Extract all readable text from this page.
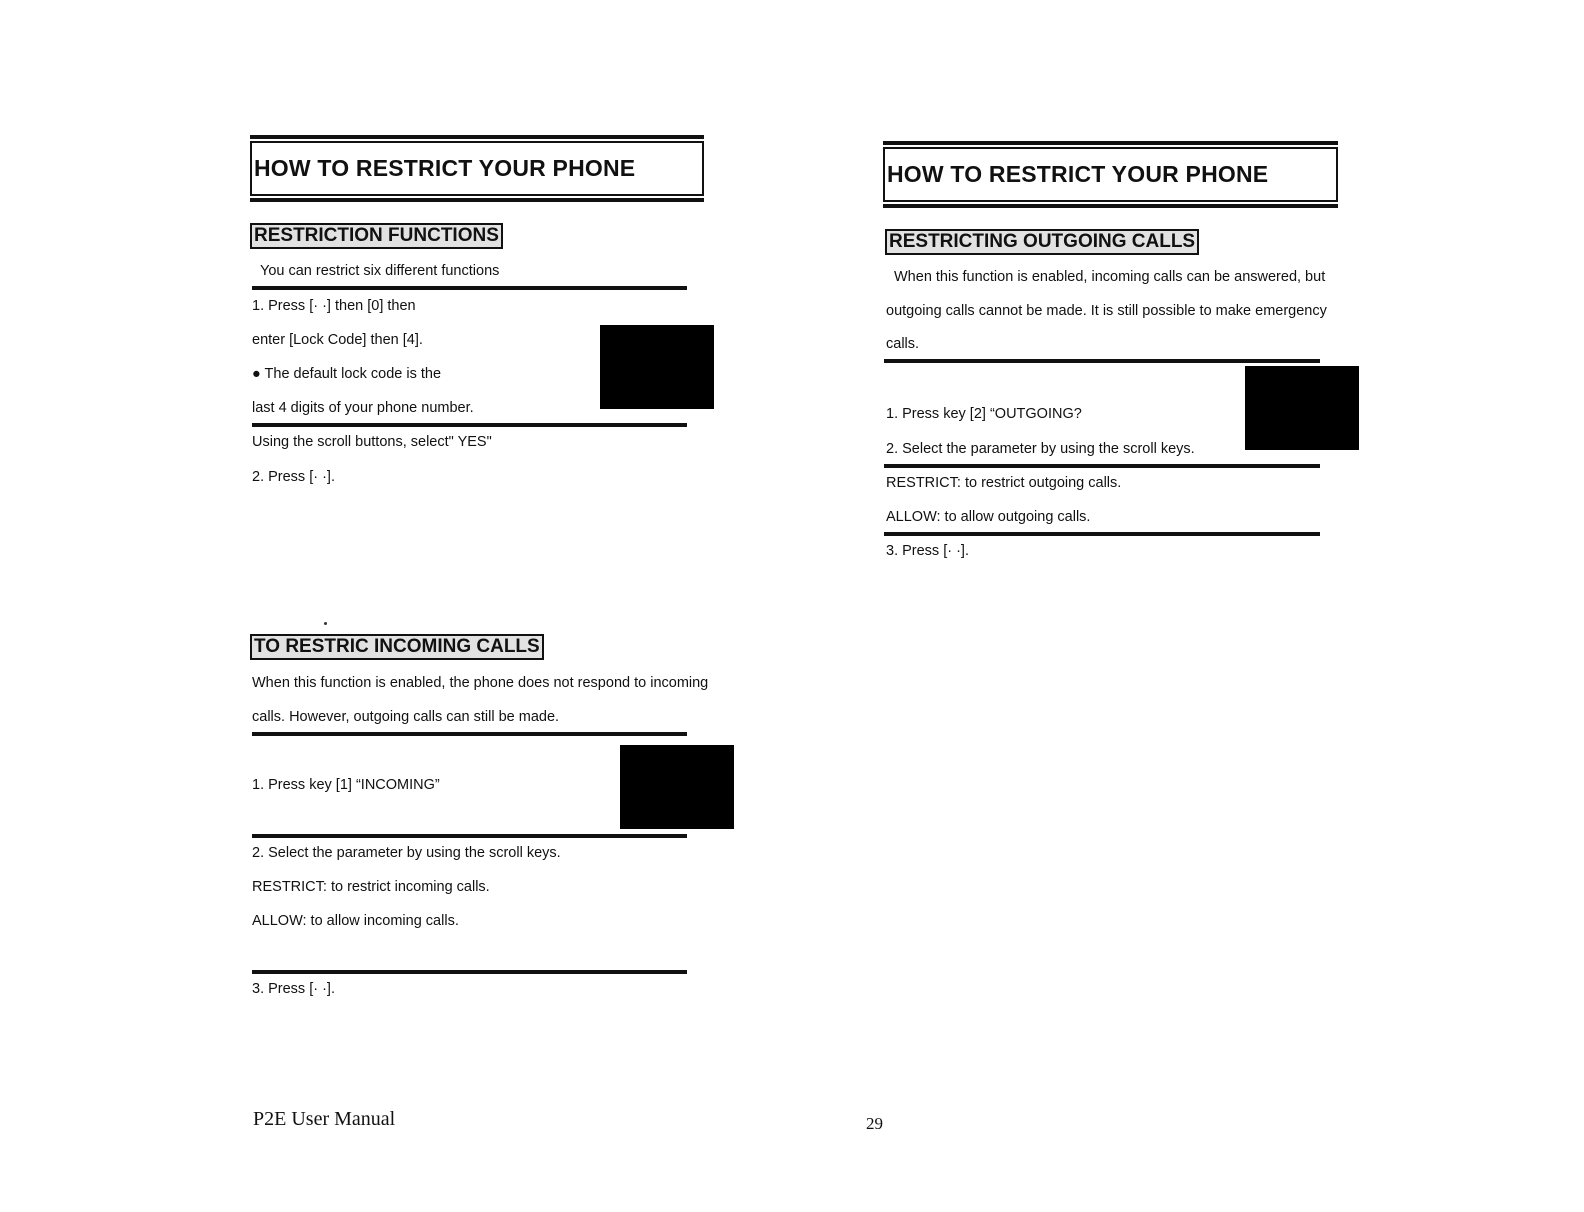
HOW TO RESTRICT YOUR PHONE
RESTRICTION FUNCTIONS
You can restrict six different functions
1. Press [· ·] then [0] then
enter [Lock Code] then [4].
● The default lock code is the
last 4 digits of your phone number.
Using the scroll buttons, select" YES"
2. Press [· ·].
TO RESTRIC INCOMING CALLS
When this function is enabled, the phone does not respond to incoming
calls. However, outgoing calls can still be made.
1. Press key [1] “INCOMING”
2. Select the parameter by using the scroll keys.
RESTRICT: to restrict incoming calls.
ALLOW: to allow incoming calls.
3. Press [· ·].
HOW TO RESTRICT YOUR PHONE
RESTRICTING OUTGOING CALLS
When this function is enabled, incoming calls can be answered, but
outgoing calls cannot be made. It is still possible to make emergency
calls.
1. Press key [2] “OUTGOING?
2. Select the parameter by using the scroll keys.
RESTRICT: to restrict outgoing calls.
ALLOW: to allow outgoing calls.
3. Press [· ·].
P2E User Manual	29
